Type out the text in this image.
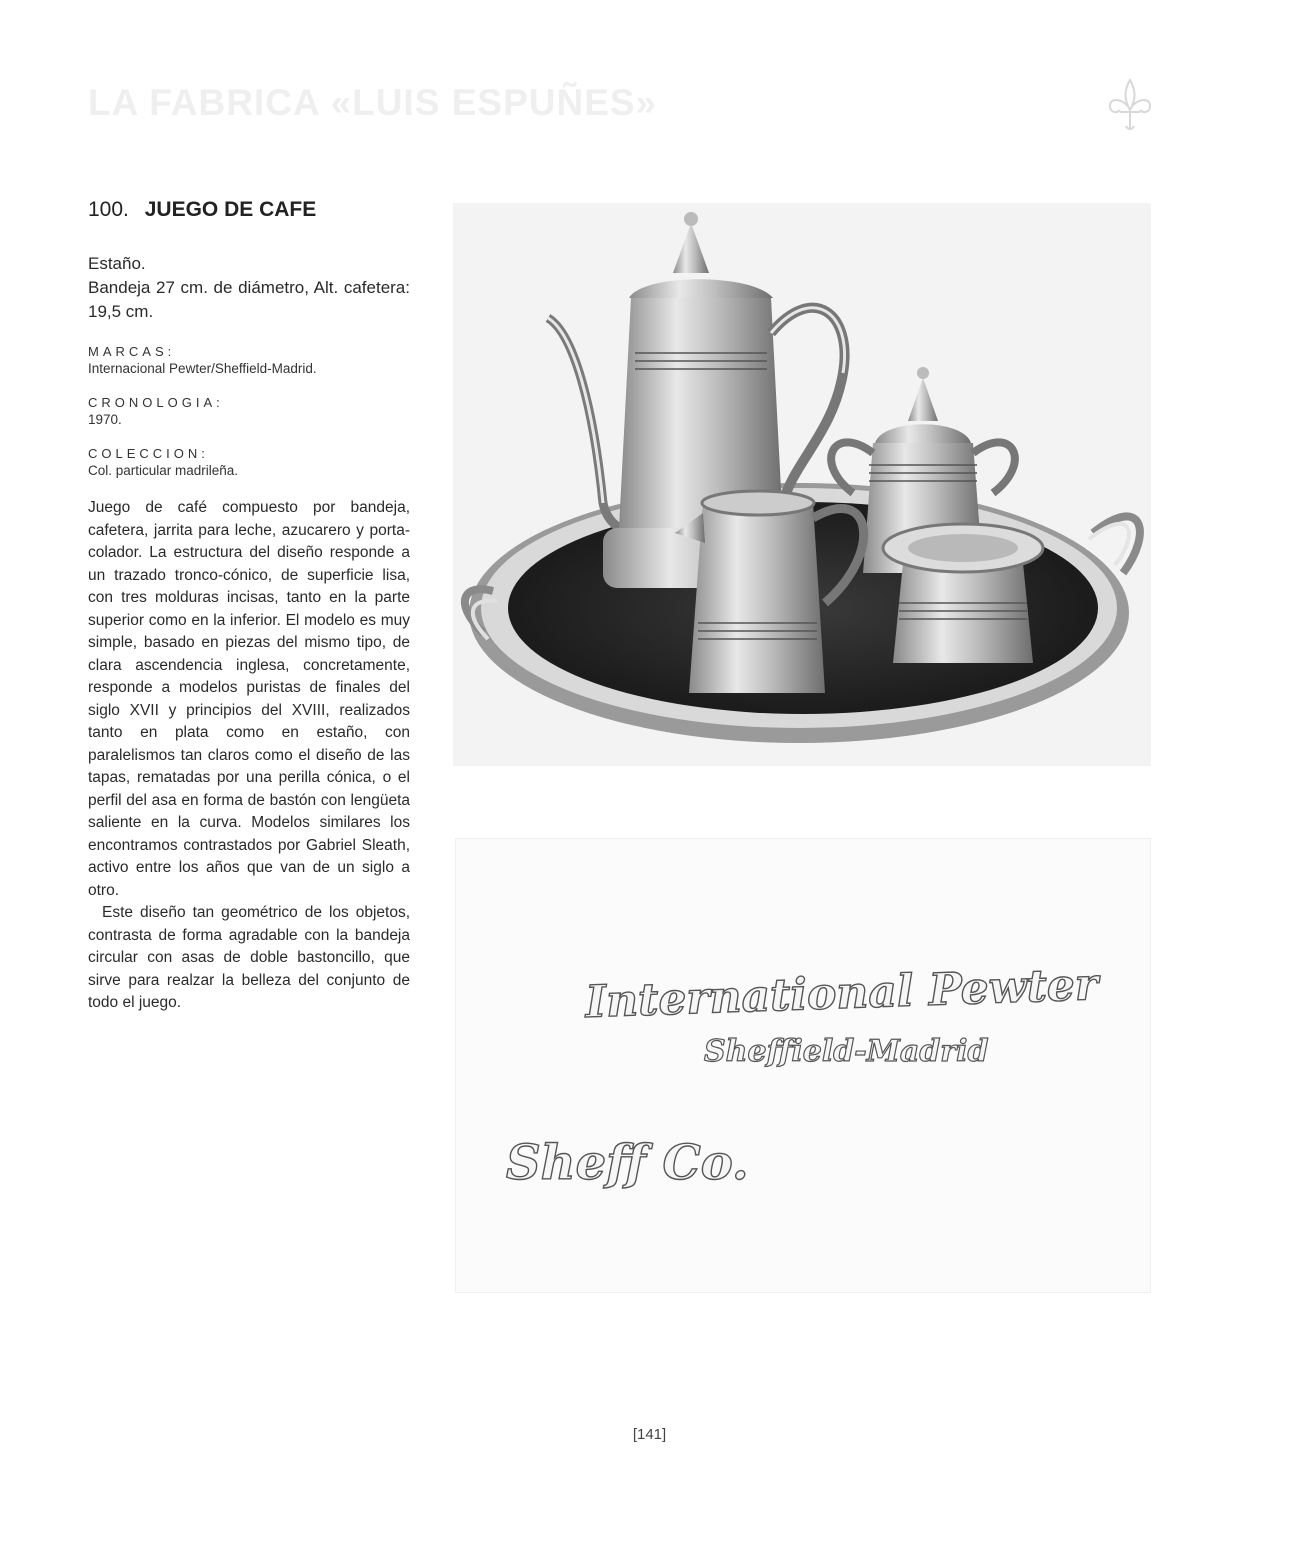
LA FABRICA «LUIS ESPUÑES»
100. JUEGO DE CAFE

Estaño.

Bandeja 27 cm. de diámetro, Alt. cafetera: 19,5 cm.

MARCAS:
Internacional Pewter/Sheffield-Madrid.
CRONOLOGIA:
1970.
COLECCION:
Col. particular madrileña.

Juego de café compuesto por bandeja, cafetera, jarrita para leche, azucarero y porta-colador. La estructura del diseño responde a un trazado tronco-cónico, de superficie lisa, con tres molduras incisas, tanto en la parte superior como en la inferior. El modelo es muy simple, basado en piezas del mismo tipo, de clara ascendencia inglesa, concretamente, responde a modelos puristas de finales del siglo XVII y principios del XVIII, realizados tanto en plata como en estaño, con paralelismos tan claros como el diseño de las tapas, rematadas por una perilla cónica, o el perfil del asa en forma de bastón con lengüeta saliente en la curva. Modelos similares los encontramos contrastados por Gabriel Sleath, activo entre los años que van de un siglo a otro.

Este diseño tan geométrico de los objetos, contrasta de forma agradable con la bandeja circular con asas de doble bastoncillo, que sirve para realzar la belleza del conjunto de todo el juego.	International Pewter
Sheffield-Madrid
Sheff Co.
[141]
